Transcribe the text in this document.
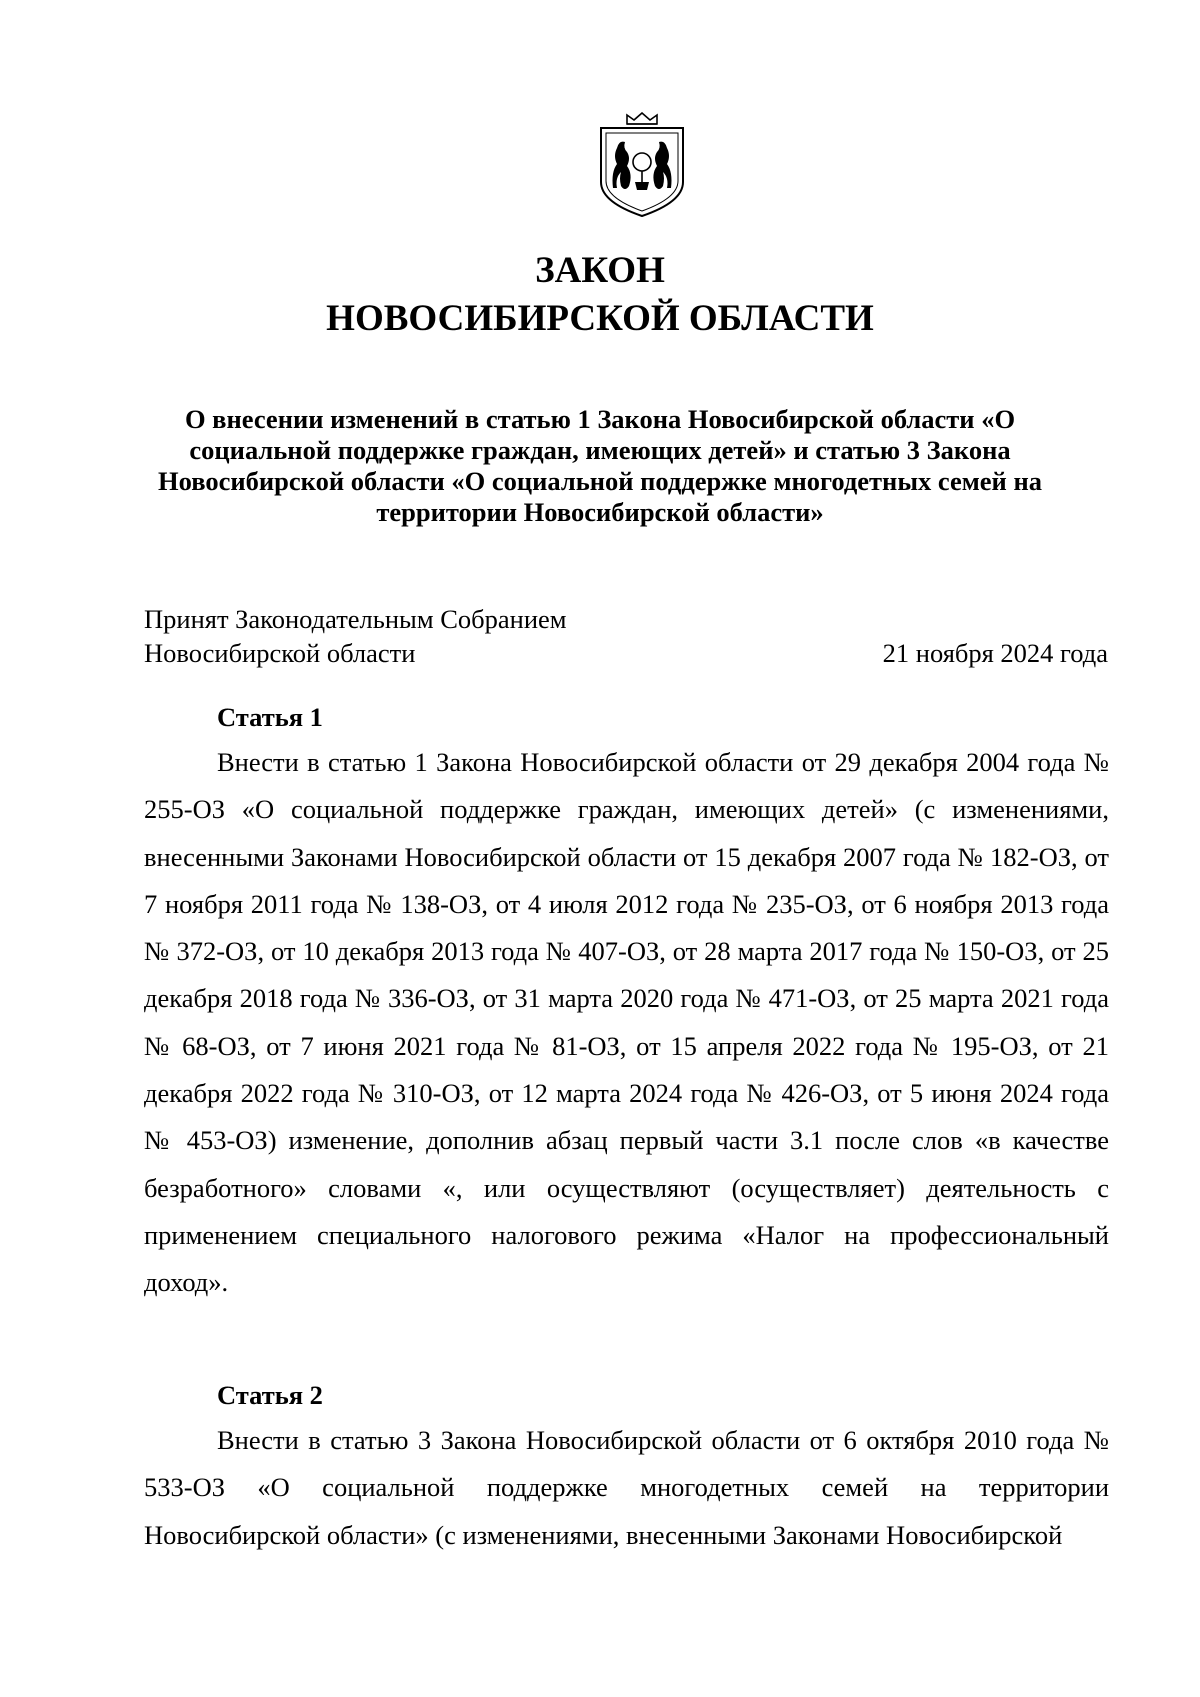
ЗАКОН
НОВОСИБИРСКОЙ ОБЛАСТИ
О внесении изменений в статью 1 Закона Новосибирской области «О социальной поддержке граждан, имеющих детей» и статью 3 Закона Новосибирской области «О социальной поддержке многодетных семей на территории Новосибирской области»
Принят Законодательным Собранием
Новосибирской области	21 ноября 2024 года
Статья 1
Внести в статью 1 Закона Новосибирской области от 29 декабря 2004 года № 255-ОЗ «О социальной поддержке граждан, имеющих детей» (с изменениями, внесенными Законами Новосибирской области от 15 декабря 2007 года № 182-ОЗ, от 7 ноября 2011 года № 138-ОЗ, от 4 июля 2012 года № 235-ОЗ, от 6 ноября 2013 года № 372-ОЗ, от 10 декабря 2013 года № 407-ОЗ, от 28 марта 2017 года № 150-ОЗ, от 25 декабря 2018 года № 336-ОЗ, от 31 марта 2020 года № 471-ОЗ, от 25 марта 2021 года № 68-ОЗ, от 7 июня 2021 года № 81-ОЗ, от 15 апреля 2022 года № 195-ОЗ, от 21 декабря 2022 года № 310-ОЗ, от 12 марта 2024 года № 426-ОЗ, от 5 июня 2024 года № 453-ОЗ) изменение, дополнив абзац первый части 3.1 после слов «в качестве безработного» словами «, или осуществляют (осуществляет) деятельность с применением специального налогового режима «Налог на профессиональный доход».
Статья 2
Внести в статью 3 Закона Новосибирской области от 6 октября 2010 года № 533-ОЗ «О социальной поддержке многодетных семей на территории Новосибирской области» (с изменениями, внесенными Законами Новосибирской
